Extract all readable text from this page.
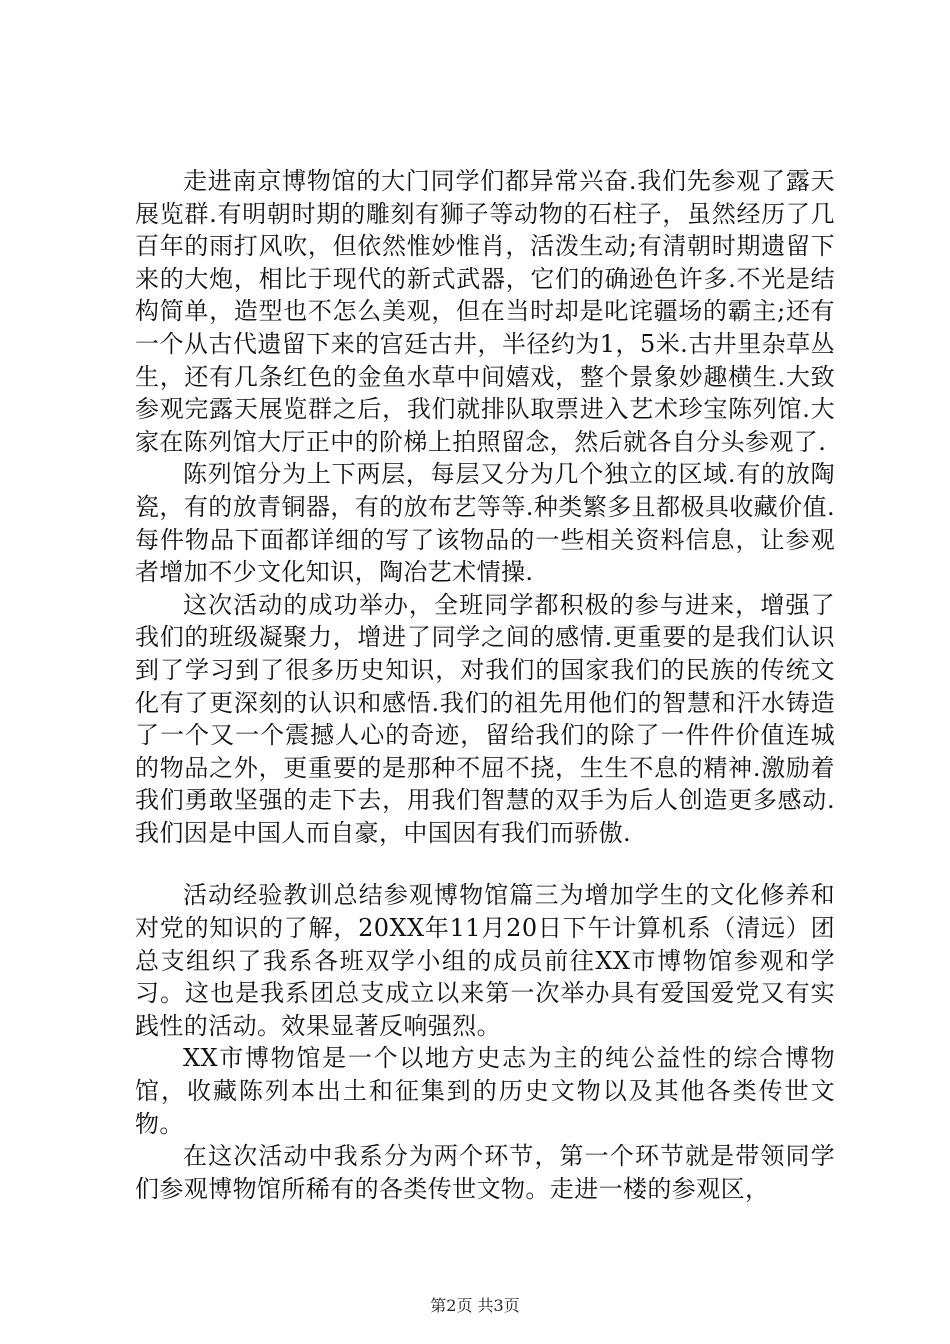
走进南京博物馆的大门同学们都异常兴奋.我们先参观了露天展览群.有明朝时期的雕刻有狮子等动物的石柱子，虽然经历了几百年的雨打风吹，但依然惟妙惟肖，活泼生动;有清朝时期遗留下来的大炮，相比于现代的新式武器，它们的确逊色许多.不光是结构简单，造型也不怎么美观，但在当时却是叱诧疆场的霸主;还有一个从古代遗留下来的宫廷古井，半径约为1，5米.古井里杂草丛生，还有几条红色的金鱼水草中间嬉戏，整个景象妙趣横生.大致参观完露天展览群之后，我们就排队取票进入艺术珍宝陈列馆.大家在陈列馆大厅正中的阶梯上拍照留念，然后就各自分头参观了.

陈列馆分为上下两层，每层又分为几个独立的区域.有的放陶瓷，有的放青铜器，有的放布艺等等.种类繁多且都极具收藏价值.每件物品下面都详细的写了该物品的一些相关资料信息，让参观者增加不少文化知识，陶冶艺术情操.

这次活动的成功举办，全班同学都积极的参与进来，增强了我们的班级凝聚力，增进了同学之间的感情.更重要的是我们认识到了学习到了很多历史知识，对我们的国家我们的民族的传统文化有了更深刻的认识和感悟.我们的祖先用他们的智慧和汗水铸造了一个又一个震撼人心的奇迹，留给我们的除了一件件价值连城的物品之外，更重要的是那种不屈不挠，生生不息的精神.激励着我们勇敢坚强的走下去，用我们智慧的双手为后人创造更多感动.我们因是中国人而自豪，中国因有我们而骄傲.

活动经验教训总结参观博物馆篇三为增加学生的文化修养和对党的知识的了解，20XX年11月20日下午计算机系（清远）团总支组织了我系各班双学小组的成员前往XX市博物馆参观和学习。这也是我系团总支成立以来第一次举办具有爱国爱党又有实践性的活动。效果显著反响强烈。

XX市博物馆是一个以地方史志为主的纯公益性的综合博物馆，收藏陈列本出土和征集到的历史文物以及其他各类传世文物。

在这次活动中我系分为两个环节，第一个环节就是带领同学们参观博物馆所稀有的各类传世文物。走进一楼的参观区，

第2页 共3页
